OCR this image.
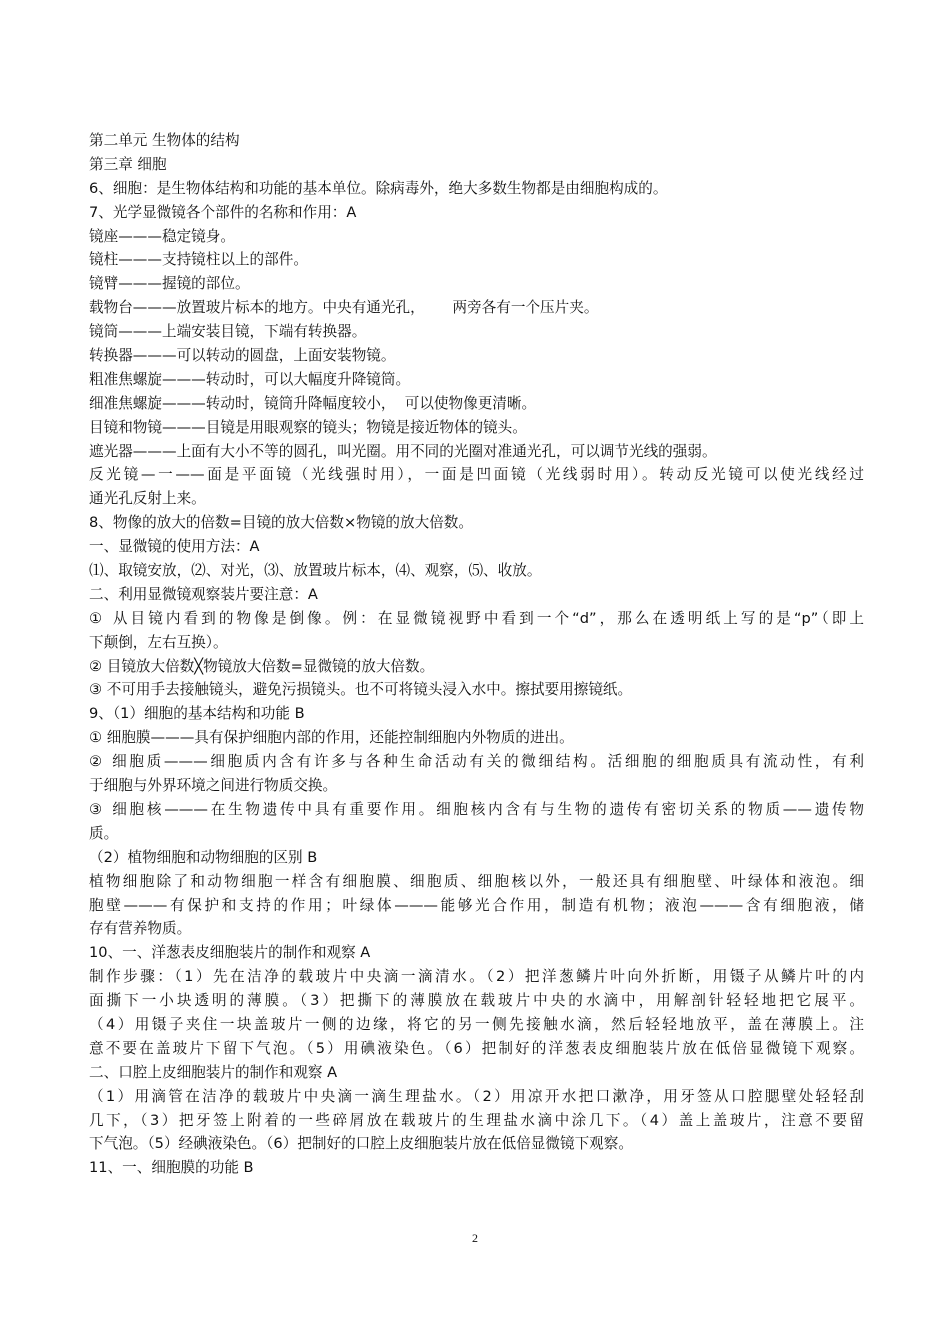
第二单元 生物体的结构
第三章 细胞
6、细胞：是生物体结构和功能的基本单位。除病毒外，绝大多数生物都是由细胞构成的。
7、光学显微镜各个部件的名称和作用：A
镜座———稳定镜身。
镜柱———支持镜柱以上的部件。
镜臂———握镜的部位。
载物台———放置玻片标本的地方。中央有通光孔，      两旁各有一个压片夹。
镜筒———上端安装目镜，下端有转换器。
转换器———可以转动的圆盘，上面安装物镜。
粗准焦螺旋———转动时，可以大幅度升降镜筒。
细准焦螺旋———转动时，镜筒升降幅度较小，  可以使物像更清晰。
目镜和物镜———目镜是用眼观察的镜头；物镜是接近物体的镜头。
遮光器———上面有大小不等的圆孔，叫光圈。用不同的光圈对准通光孔，可以调节光线的强弱。
反光镜—一——面是平面镜（光线强时用），一面是凹面镜（光线弱时用）。转动反光镜可以使光线经过
通光孔反射上来。
8、物像的放大的倍数=目镜的放大倍数×物镜的放大倍数。
一、显微镜的使用方法：A
⑴、取镜安放，⑵、对光，⑶、放置玻片标本，⑷、观察，⑸、收放。
二、利用显微镜观察装片要注意：A
① 从目镜内看到的物像是倒像。例：在显微镜视野中看到一个“d”，那么在透明纸上写的是“p”（即上
下颠倒，左右互换）。
② 目镜放大倍数╳物镜放大倍数=显微镜的放大倍数。
③ 不可用手去接触镜头，避免污损镜头。也不可将镜头浸入水中。擦拭要用擦镜纸。
9、（1）细胞的基本结构和功能 B
① 细胞膜———具有保护细胞内部的作用，还能控制细胞内外物质的进出。
② 细胞质———细胞质内含有许多与各种生命活动有关的微细结构。活细胞的细胞质具有流动性，有利
于细胞与外界环境之间进行物质交换。
③ 细胞核———在生物遗传中具有重要作用。细胞核内含有与生物的遗传有密切关系的物质——遗传物
质。
（2）植物细胞和动物细胞的区别 B
植物细胞除了和动物细胞一样含有细胞膜、细胞质、细胞核以外，一般还具有细胞壁、叶绿体和液泡。细
胞壁———有保护和支持的作用；叶绿体———能够光合作用，制造有机物；液泡———含有细胞液，储
存有营养物质。
10、一、洋葱表皮细胞装片的制作和观察 A
制作步骤：（1）先在洁净的载玻片中央滴一滴清水。（2）把洋葱鳞片叶向外折断，用镊子从鳞片叶的内
面撕下一小块透明的薄膜。（3）把撕下的薄膜放在载玻片中央的水滴中，用解剖针轻轻地把它展平。
（4）用镊子夹住一块盖玻片一侧的边缘，将它的另一侧先接触水滴，然后轻轻地放平，盖在薄膜上。注
意不要在盖玻片下留下气泡。（5）用碘液染色。（6）把制好的洋葱表皮细胞装片放在低倍显微镜下观察。
二、口腔上皮细胞装片的制作和观察 A
（1）用滴管在洁净的载玻片中央滴一滴生理盐水。（2）用凉开水把口漱净，用牙签从口腔腮壁处轻轻刮
几下，（3）把牙签上附着的一些碎屑放在载玻片的生理盐水滴中涂几下。（4）盖上盖玻片，注意不要留
下气泡。（5）经碘液染色。（6）把制好的口腔上皮细胞装片放在低倍显微镜下观察。
11、一、细胞膜的功能 B
2
